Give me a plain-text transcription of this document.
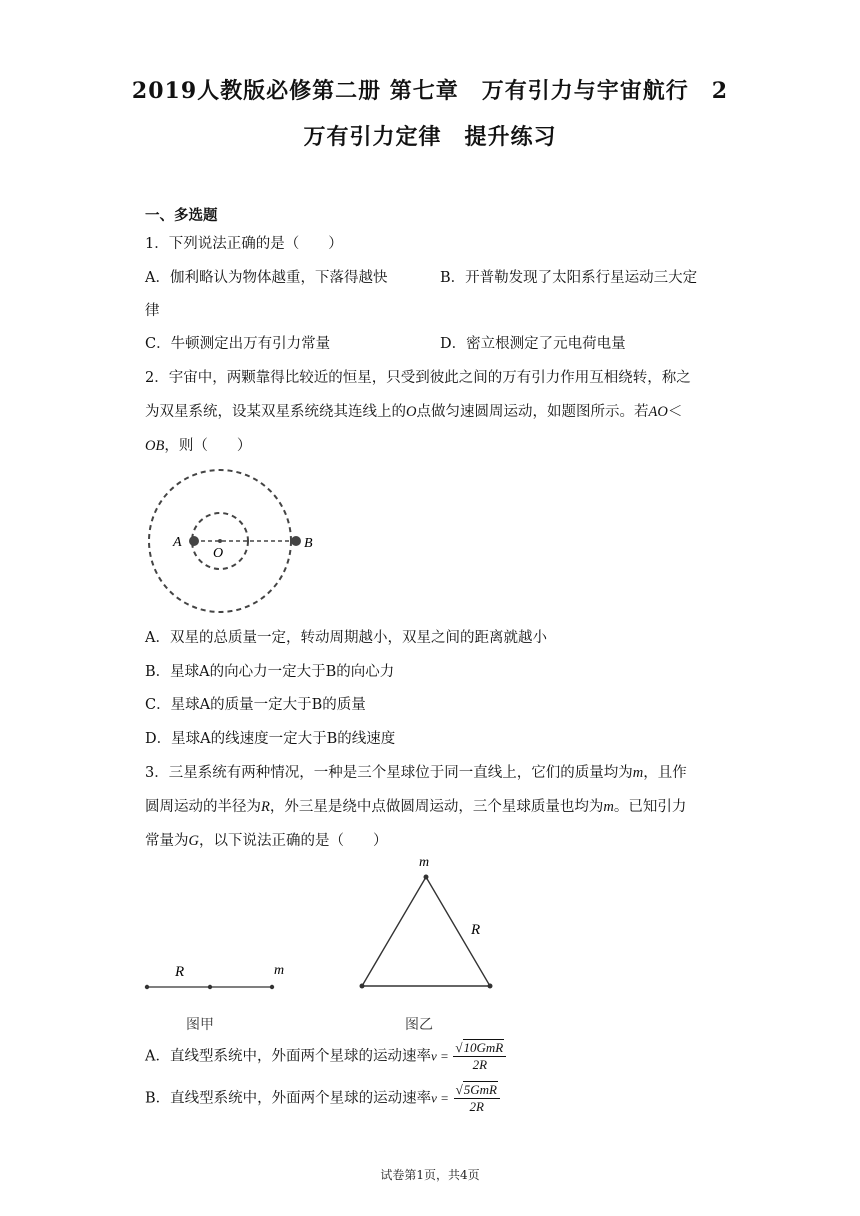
2019人教版必修第二册 第七章　万有引力与宇宙航行　2
万有引力定律　提升练习
一、多选题
1．下列说法正确的是（　　）
A．伽利略认为物体越重，下落得越快	B．开普勒发现了太阳系行星运动三大定
律
C．牛顿测定出万有引力常量	D．密立根测定了元电荷电量
2．宇宙中，两颗靠得比较近的恒星，只受到彼此之间的万有引力作用互相绕转，称之
为双星系统，设某双星系统绕其连线上的O点做匀速圆周运动，如题图所示。若AO＜
OB，则（　　）
A
O
B
A．双星的总质量一定，转动周期越小，双星之间的距离就越小
B．星球A的向心力一定大于B的向心力
C．星球A的质量一定大于B的质量
D．星球A的线速度一定大于B的线速度
3．三星系统有两种情况，一种是三个星球位于同一直线上，它们的质量均为m，且作
圆周运动的半径为R，外三星是绕中点做圆周运动，三个星球质量也均为m。已知引力
常量为G，以下说法正确的是（　　）
R	m
图甲
m
R
图乙
A．直线型系统中，外面两个星球的运动速率$v = \frac{\text{√10GmR}}{2R}$
B．直线型系统中，外面两个星球的运动速率$v = \frac{\text{√5GmR}}{2R}$
试卷第1页，共4页
